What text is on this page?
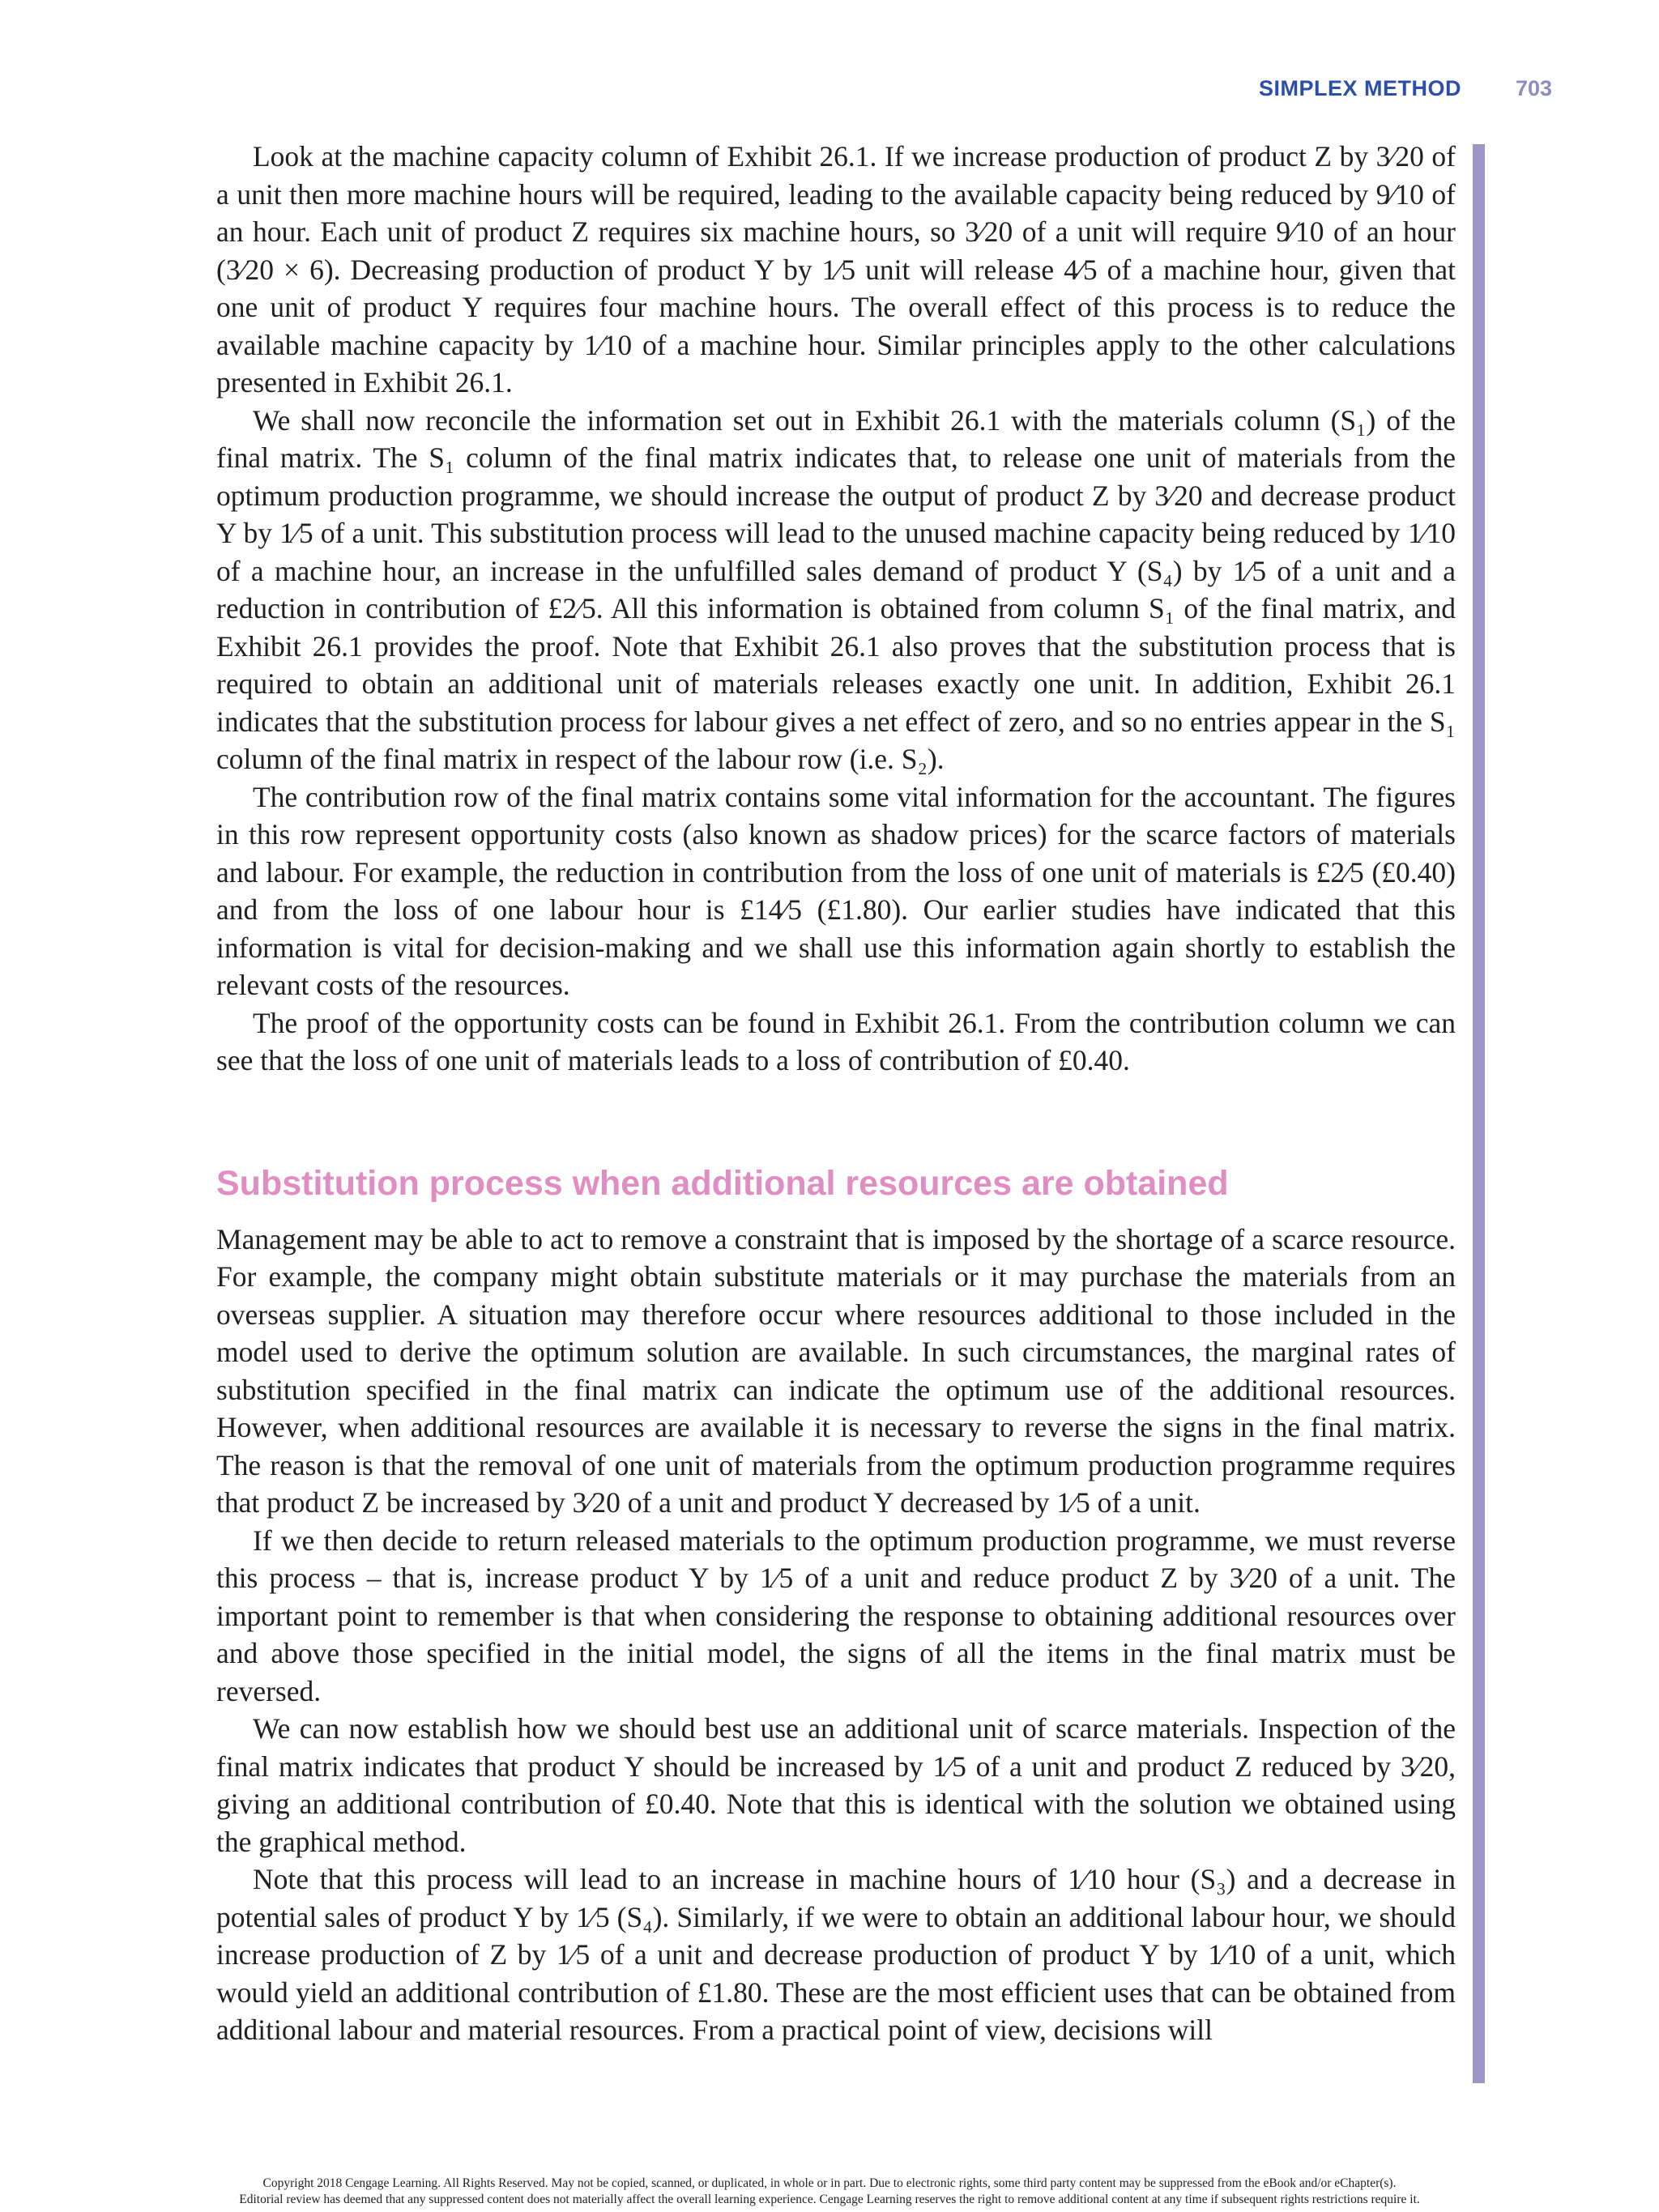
SIMPLEX METHOD 703

Look at the machine capacity column of Exhibit 26.1. If we increase production of product Z by 3⁄20 of a unit then more machine hours will be required, leading to the available capacity being reduced by 9⁄10 of an hour. Each unit of product Z requires six machine hours, so 3⁄20 of a unit will require 9⁄10 of an hour (3⁄20 × 6). Decreasing production of product Y by 1⁄5 unit will release 4⁄5 of a machine hour, given that one unit of product Y requires four machine hours. The overall effect of this process is to reduce the available machine capacity by 1⁄10 of a machine hour. Similar principles apply to the other calculations presented in Exhibit 26.1.

We shall now reconcile the information set out in Exhibit 26.1 with the materials column (S₁) of the final matrix. The S₁ column of the final matrix indicates that, to release one unit of materials from the optimum production programme, we should increase the output of product Z by 3⁄20 and decrease product Y by 1⁄5 of a unit. This substitution process will lead to the unused machine capacity being reduced by 1⁄10 of a machine hour, an increase in the unfulfilled sales demand of product Y (S₄) by 1⁄5 of a unit and a reduction in contribution of £2⁄5. All this information is obtained from column S₁ of the final matrix, and Exhibit 26.1 provides the proof. Note that Exhibit 26.1 also proves that the substitution process that is required to obtain an additional unit of materials releases exactly one unit. In addition, Exhibit 26.1 indicates that the substitution process for labour gives a net effect of zero, and so no entries appear in the S₁ column of the final matrix in respect of the labour row (i.e. S₂).

The contribution row of the final matrix contains some vital information for the accountant. The figures in this row represent opportunity costs (also known as shadow prices) for the scarce factors of materials and labour. For example, the reduction in contribution from the loss of one unit of materials is £2⁄5 (£0.40) and from the loss of one labour hour is £14⁄5 (£1.80). Our earlier studies have indicated that this information is vital for decision-making and we shall use this information again shortly to establish the relevant costs of the resources.

The proof of the opportunity costs can be found in Exhibit 26.1. From the contribution column we can see that the loss of one unit of materials leads to a loss of contribution of £0.40.

Substitution process when additional resources are obtained

Management may be able to act to remove a constraint that is imposed by the shortage of a scarce resource. For example, the company might obtain substitute materials or it may purchase the materials from an overseas supplier. A situation may therefore occur where resources additional to those included in the model used to derive the optimum solution are available. In such circumstances, the marginal rates of substitution specified in the final matrix can indicate the optimum use of the additional resources. However, when additional resources are available it is necessary to reverse the signs in the final matrix. The reason is that the removal of one unit of materials from the optimum production programme requires that product Z be increased by 3⁄20 of a unit and product Y decreased by 1⁄5 of a unit.

If we then decide to return released materials to the optimum production programme, we must reverse this process – that is, increase product Y by 1⁄5 of a unit and reduce product Z by 3⁄20 of a unit. The important point to remember is that when considering the response to obtaining additional resources over and above those specified in the initial model, the signs of all the items in the final matrix must be reversed.

We can now establish how we should best use an additional unit of scarce materials. Inspection of the final matrix indicates that product Y should be increased by 1⁄5 of a unit and product Z reduced by 3⁄20, giving an additional contribution of £0.40. Note that this is identical with the solution we obtained using the graphical method.

Note that this process will lead to an increase in machine hours of 1⁄10 hour (S₃) and a decrease in potential sales of product Y by 1⁄5 (S₄). Similarly, if we were to obtain an additional labour hour, we should increase production of Z by 1⁄5 of a unit and decrease production of product Y by 1⁄10 of a unit, which would yield an additional contribution of £1.80. These are the most efficient uses that can be obtained from additional labour and material resources. From a practical point of view, decisions will

Copyright 2018 Cengage Learning. All Rights Reserved. May not be copied, scanned, or duplicated, in whole or in part. Due to electronic rights, some third party content may be suppressed from the eBook and/or eChapter(s).
Editorial review has deemed that any suppressed content does not materially affect the overall learning experience. Cengage Learning reserves the right to remove additional content at any time if subsequent rights restrictions require it.
